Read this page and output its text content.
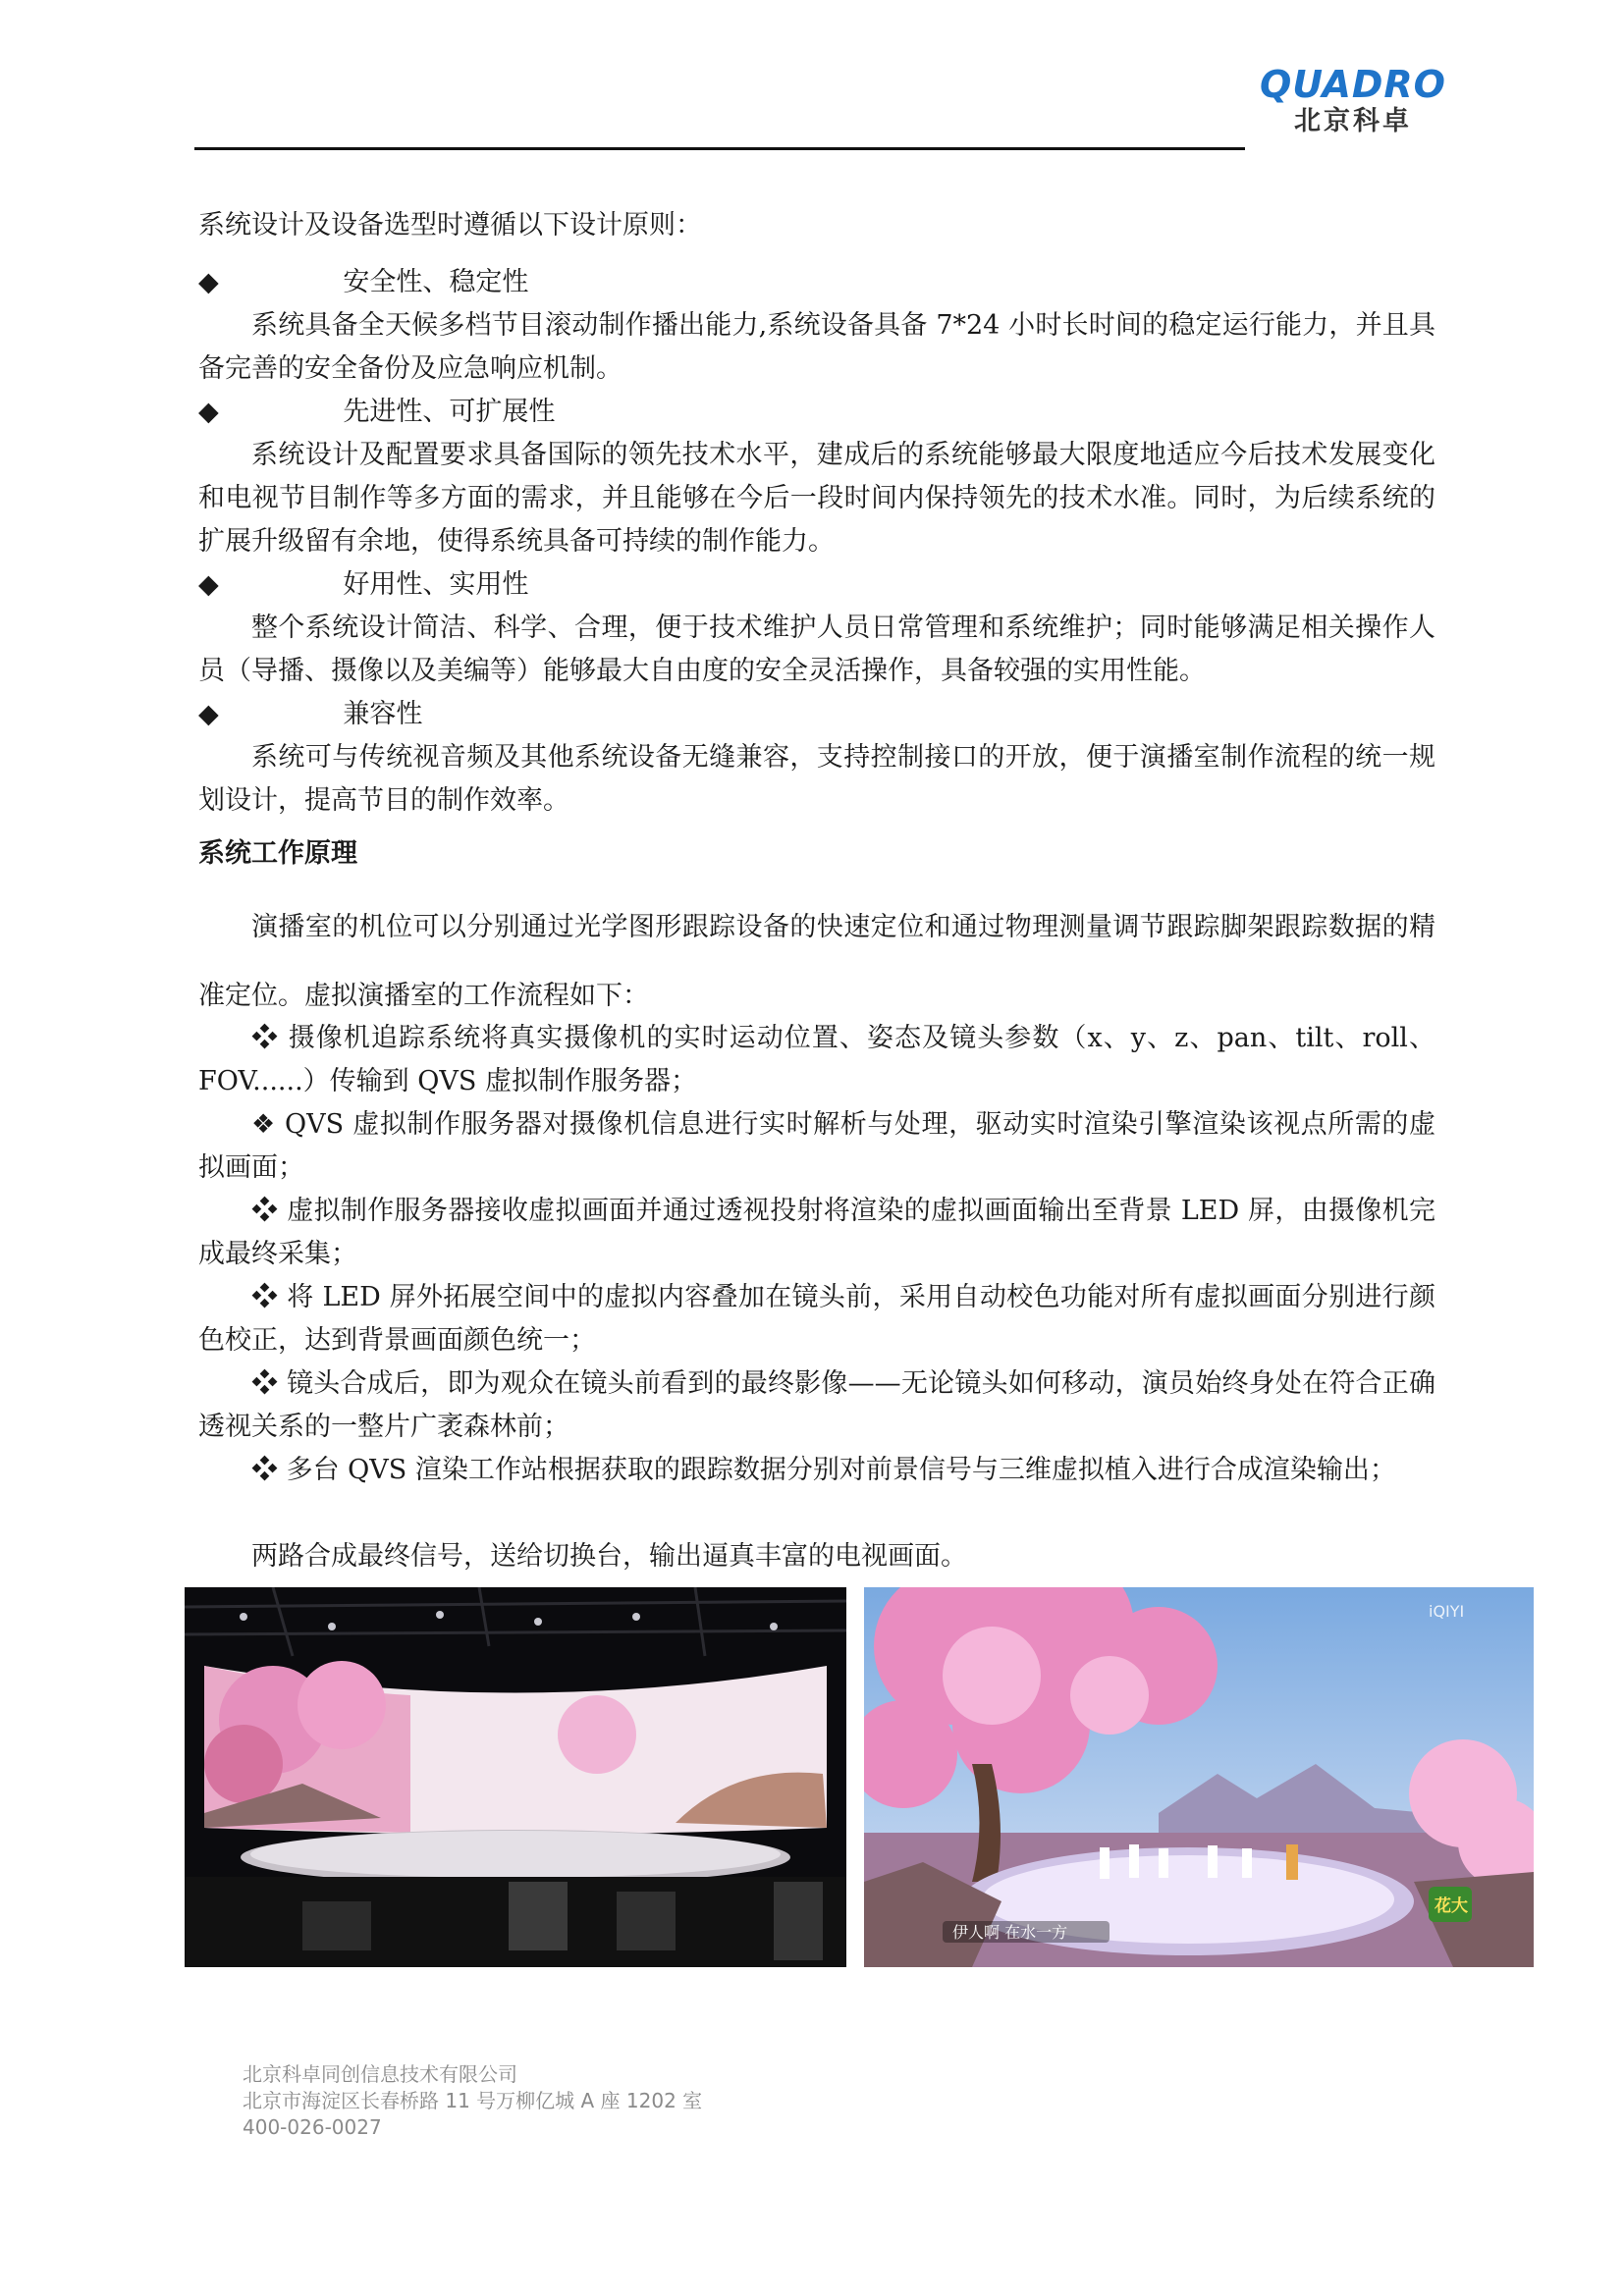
QUADRO
北京科卓

系统设计及设备选型时遵循以下设计原则：

◆	安全性、稳定性

系统具备全天候多档节目滚动制作播出能力,系统设备具备 7*24 小时长时间的稳定运行能力，并且具备完善的安全备份及应急响应机制。

◆	先进性、可扩展性

系统设计及配置要求具备国际的领先技术水平，建成后的系统能够最大限度地适应今后技术发展变化和电视节目制作等多方面的需求，并且能够在今后一段时间内保持领先的技术水准。同时，为后续系统的扩展升级留有余地，使得系统具备可持续的制作能力。

◆	好用性、实用性

整个系统设计简洁、科学、合理，便于技术维护人员日常管理和系统维护；同时能够满足相关操作人员（导播、摄像以及美编等）能够最大自由度的安全灵活操作，具备较强的实用性能。

◆	兼容性

系统可与传统视音频及其他系统设备无缝兼容，支持控制接口的开放，便于演播室制作流程的统一规划设计，提高节目的制作效率。

系统工作原理

演播室的机位可以分别通过光学图形跟踪设备的快速定位和通过物理测量调节跟踪脚架跟踪数据的精准定位。虚拟演播室的工作流程如下：

❖ 摄像机追踪系统将真实摄像机的实时运动位置、姿态及镜头参数（x、y、z、pan、tilt、roll、FOV......）传输到 QVS 虚拟制作服务器；

❖ QVS 虚拟制作服务器对摄像机信息进行实时解析与处理，驱动实时渲染引擎渲染该视点所需的虚拟画面；

❖ 虚拟制作服务器接收虚拟画面并通过透视投射将渲染的虚拟画面输出至背景 LED 屏，由摄像机完成最终采集；

❖ 将 LED 屏外拓展空间中的虚拟内容叠加在镜头前，采用自动校色功能对所有虚拟画面分别进行颜色校正，达到背景画面颜色统一；

❖ 镜头合成后，即为观众在镜头前看到的最终影像——无论镜头如何移动，演员始终身处在符合正确透视关系的一整片广袤森林前；

❖ 多台 QVS 渲染工作站根据获取的跟踪数据分别对前景信号与三维虚拟植入进行合成渲染输出；

两路合成最终信号，送给切换台，输出逼真丰富的电视画面。

iQIYI
伊人啊 在水一方
花大
北京科卓同创信息技术有限公司
北京市海淀区长春桥路 11 号万柳亿城 A 座 1202 室
400-026-0027
